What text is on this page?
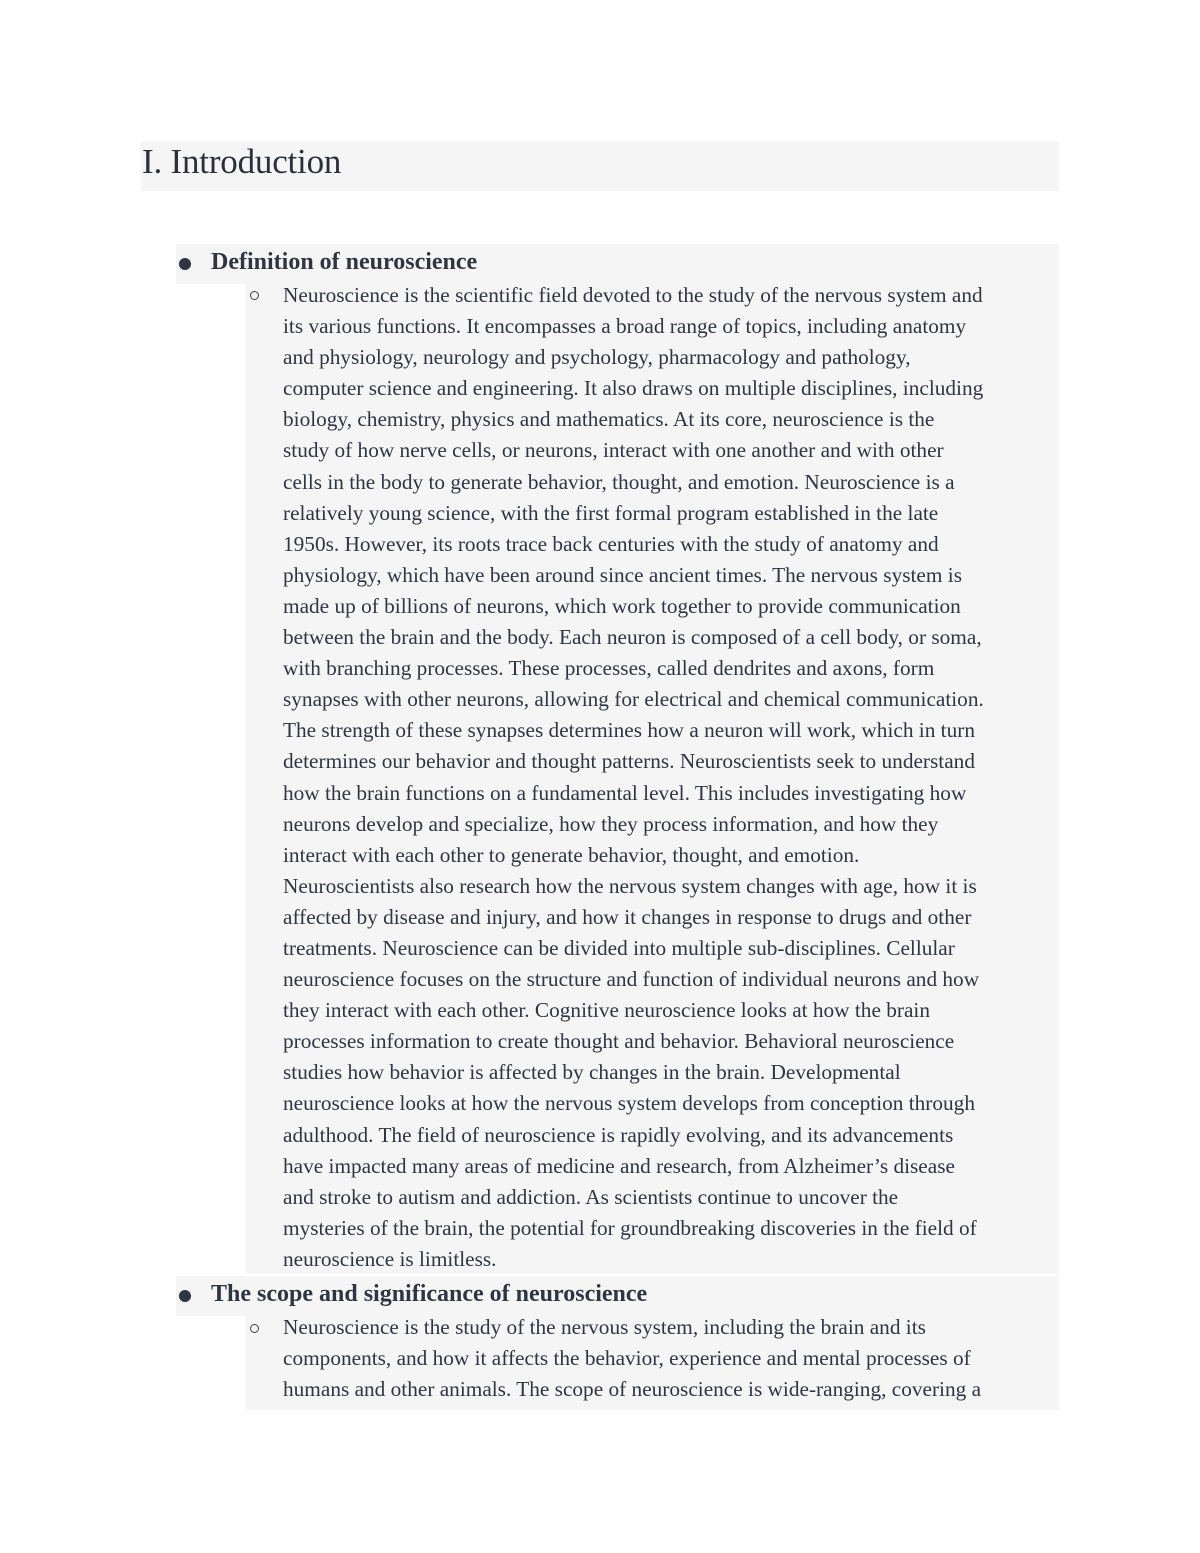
I. Introduction
Definition of neuroscience
Neuroscience is the scientific field devoted to the study of the nervous system and
its various functions. It encompasses a broad range of topics, including anatomy
and physiology, neurology and psychology, pharmacology and pathology,
computer science and engineering. It also draws on multiple disciplines, including
biology, chemistry, physics and mathematics. At its core, neuroscience is the
study of how nerve cells, or neurons, interact with one another and with other
cells in the body to generate behavior, thought, and emotion. Neuroscience is a
relatively young science, with the first formal program established in the late
1950s. However, its roots trace back centuries with the study of anatomy and
physiology, which have been around since ancient times. The nervous system is
made up of billions of neurons, which work together to provide communication
between the brain and the body. Each neuron is composed of a cell body, or soma,
with branching processes. These processes, called dendrites and axons, form
synapses with other neurons, allowing for electrical and chemical communication.
The strength of these synapses determines how a neuron will work, which in turn
determines our behavior and thought patterns. Neuroscientists seek to understand
how the brain functions on a fundamental level. This includes investigating how
neurons develop and specialize, how they process information, and how they
interact with each other to generate behavior, thought, and emotion.
Neuroscientists also research how the nervous system changes with age, how it is
affected by disease and injury, and how it changes in response to drugs and other
treatments. Neuroscience can be divided into multiple sub-disciplines. Cellular
neuroscience focuses on the structure and function of individual neurons and how
they interact with each other. Cognitive neuroscience looks at how the brain
processes information to create thought and behavior. Behavioral neuroscience
studies how behavior is affected by changes in the brain. Developmental
neuroscience looks at how the nervous system develops from conception through
adulthood. The field of neuroscience is rapidly evolving, and its advancements
have impacted many areas of medicine and research, from Alzheimer’s disease
and stroke to autism and addiction. As scientists continue to uncover the
mysteries of the brain, the potential for groundbreaking discoveries in the field of
neuroscience is limitless.
The scope and significance of neuroscience
Neuroscience is the study of the nervous system, including the brain and its
components, and how it affects the behavior, experience and mental processes of
humans and other animals. The scope of neuroscience is wide-ranging, covering a
